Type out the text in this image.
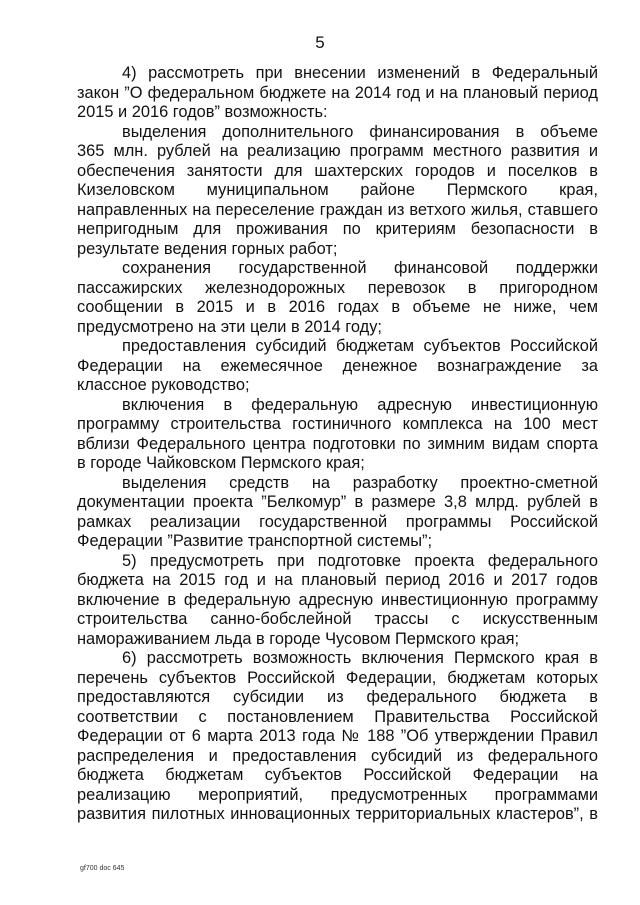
5
4) рассмотреть при внесении изменений в Федеральный
закон ”О федеральном бюджете на 2014 год и на плановый период
2015 и 2016 годов” возможность:
выделения дополнительного финансирования в объеме
365 млн. рублей на реализацию программ местного развития и
обеспечения занятости для шахтерских городов и поселков в
Кизеловском муниципальном районе Пермского края,
направленных на переселение граждан из ветхого жилья, ставшего
непригодным для проживания по критериям безопасности в
результате ведения горных работ;
сохранения государственной финансовой поддержки
пассажирских железнодорожных перевозок в пригородном
сообщении в 2015 и в 2016 годах в объеме не ниже, чем
предусмотрено на эти цели в 2014 году;
предоставления субсидий бюджетам субъектов Российской
Федерации на ежемесячное денежное вознаграждение за
классное руководство;
включения в федеральную адресную инвестиционную
программу строительства гостиничного комплекса на 100 мест
вблизи Федерального центра подготовки по зимним видам спорта
в городе Чайковском Пермского края;
выделения средств на разработку проектно-сметной
документации проекта ”Белкомур” в размере 3,8 млрд. рублей в
рамках реализации государственной программы Российской
Федерации ”Развитие транспортной системы”;
5) предусмотреть при подготовке проекта федерального
бюджета на 2015 год и на плановый период 2016 и 2017 годов
включение в федеральную адресную инвестиционную программу
строительства санно-бобслейной трассы с искусственным
намораживанием льда в городе Чусовом Пермского края;
6) рассмотреть возможность включения Пермского края в
перечень субъектов Российской Федерации, бюджетам которых
предоставляются субсидии из федерального бюджета в
соответствии с постановлением Правительства Российской
Федерации от 6 марта 2013 года № 188 ”Об утверждении Правил
распределения и предоставления субсидий из федерального
бюджета бюджетам субъектов Российской Федерации на
реализацию мероприятий, предусмотренных программами
развития пилотных инновационных территориальных кластеров”, в
gf700 doc 645
